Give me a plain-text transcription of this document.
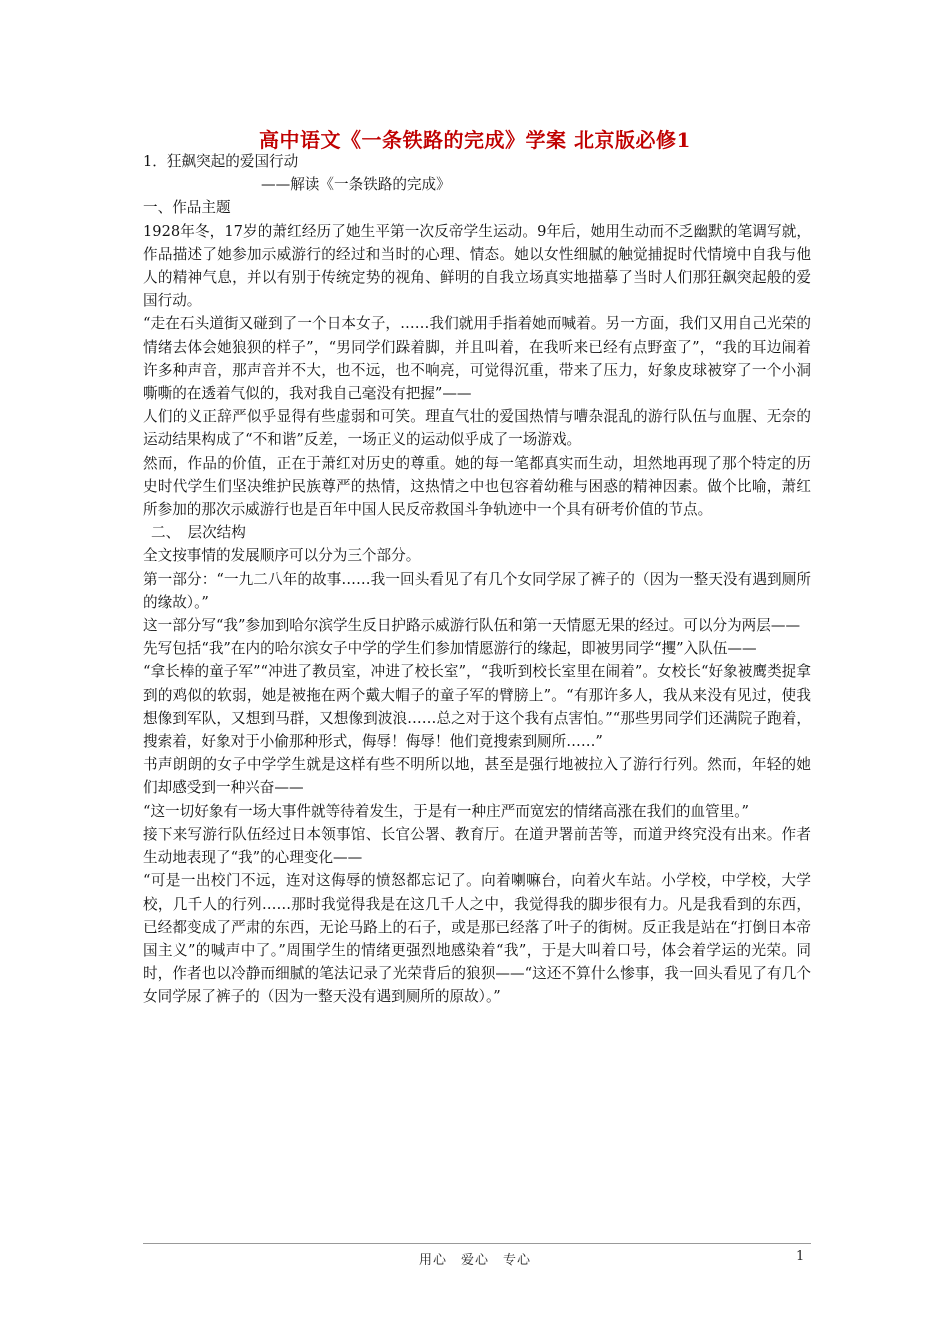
高中语文《一条铁路的完成》学案 北京版必修1

1．狂飙突起的爱国行动

——解读《一条铁路的完成》

一、作品主题

1928年冬，17岁的萧红经历了她生平第一次反帝学生运动。9年后，她用生动而不乏幽默的笔调写就，作品描述了她参加示威游行的经过和当时的心理、情态。她以女性细腻的触觉捕捉时代情境中自我与他人的精神气息，并以有别于传统定势的视角、鲜明的自我立场真实地描摹了当时人们那狂飙突起般的爱国行动。

“走在石头道街又碰到了一个日本女子，……我们就用手指着她而喊着。另一方面，我们又用自己光荣的情绪去体会她狼狈的样子”，“男同学们跺着脚，并且叫着，在我听来已经有点野蛮了”，“我的耳边闹着许多种声音，那声音并不大，也不远，也不响亮，可觉得沉重，带来了压力，好象皮球被穿了一个小洞嘶嘶的在透着气似的，我对我自己毫没有把握”——

人们的义正辞严似乎显得有些虚弱和可笑。理直气壮的爱国热情与嘈杂混乱的游行队伍与血腥、无奈的运动结果构成了“不和谐”反差，一场正义的运动似乎成了一场游戏。

然而，作品的价值，正在于萧红对历史的尊重。她的每一笔都真实而生动，坦然地再现了那个特定的历史时代学生们坚决维护民族尊严的热情，这热情之中也包容着幼稚与困惑的精神因素。做个比喻，萧红所参加的那次示威游行也是百年中国人民反帝救国斗争轨迹中一个具有研考价值的节点。

二、　层次结构

全文按事情的发展顺序可以分为三个部分。

第一部分：“一九二八年的故事……我一回头看见了有几个女同学尿了裤子的（因为一整天没有遇到厕所的缘故）。”

这一部分写“我”参加到哈尔滨学生反日护路示威游行队伍和第一天情愿无果的经过。可以分为两层——

先写包括“我”在内的哈尔滨女子中学的学生们参加情愿游行的缘起，即被男同学“攫”入队伍——

“拿长棒的童子军”“冲进了教员室，冲进了校长室”，“我听到校长室里在闹着”。女校长“好象被鹰类捉拿到的鸡似的软弱，她是被拖在两个戴大帽子的童子军的臂膀上”。“有那许多人，我从来没有见过，使我想像到军队，又想到马群，又想像到波浪……总之对于这个我有点害怕。”“那些男同学们还满院子跑着，搜索着，好象对于小偷那种形式，侮辱！侮辱！他们竟搜索到厕所……”

书声朗朗的女子中学学生就是这样有些不明所以地，甚至是强行地被拉入了游行行列。然而，年轻的她们却感受到一种兴奋——

“这一切好象有一场大事件就等待着发生，于是有一种庄严而宽宏的情绪高涨在我们的血管里。”

接下来写游行队伍经过日本领事馆、长官公署、教育厅。在道尹署前苦等，而道尹终究没有出来。作者生动地表现了“我”的心理变化——

“可是一出校门不远，连对这侮辱的愤怒都忘记了。向着喇嘛台，向着火车站。小学校，中学校，大学校，几千人的行列……那时我觉得我是在这几千人之中，我觉得我的脚步很有力。凡是我看到的东西，已经都变成了严肃的东西，无论马路上的石子，或是那已经落了叶子的街树。反正我是站在“打倒日本帝国主义”的喊声中了。”周围学生的情绪更强烈地感染着“我”，于是大叫着口号，体会着学运的光荣。同时，作者也以冷静而细腻的笔法记录了光荣背后的狼狈——“这还不算什么惨事，我一回头看见了有几个女同学尿了裤子的（因为一整天没有遇到厕所的原故）。”

用心　爱心　专心	1
